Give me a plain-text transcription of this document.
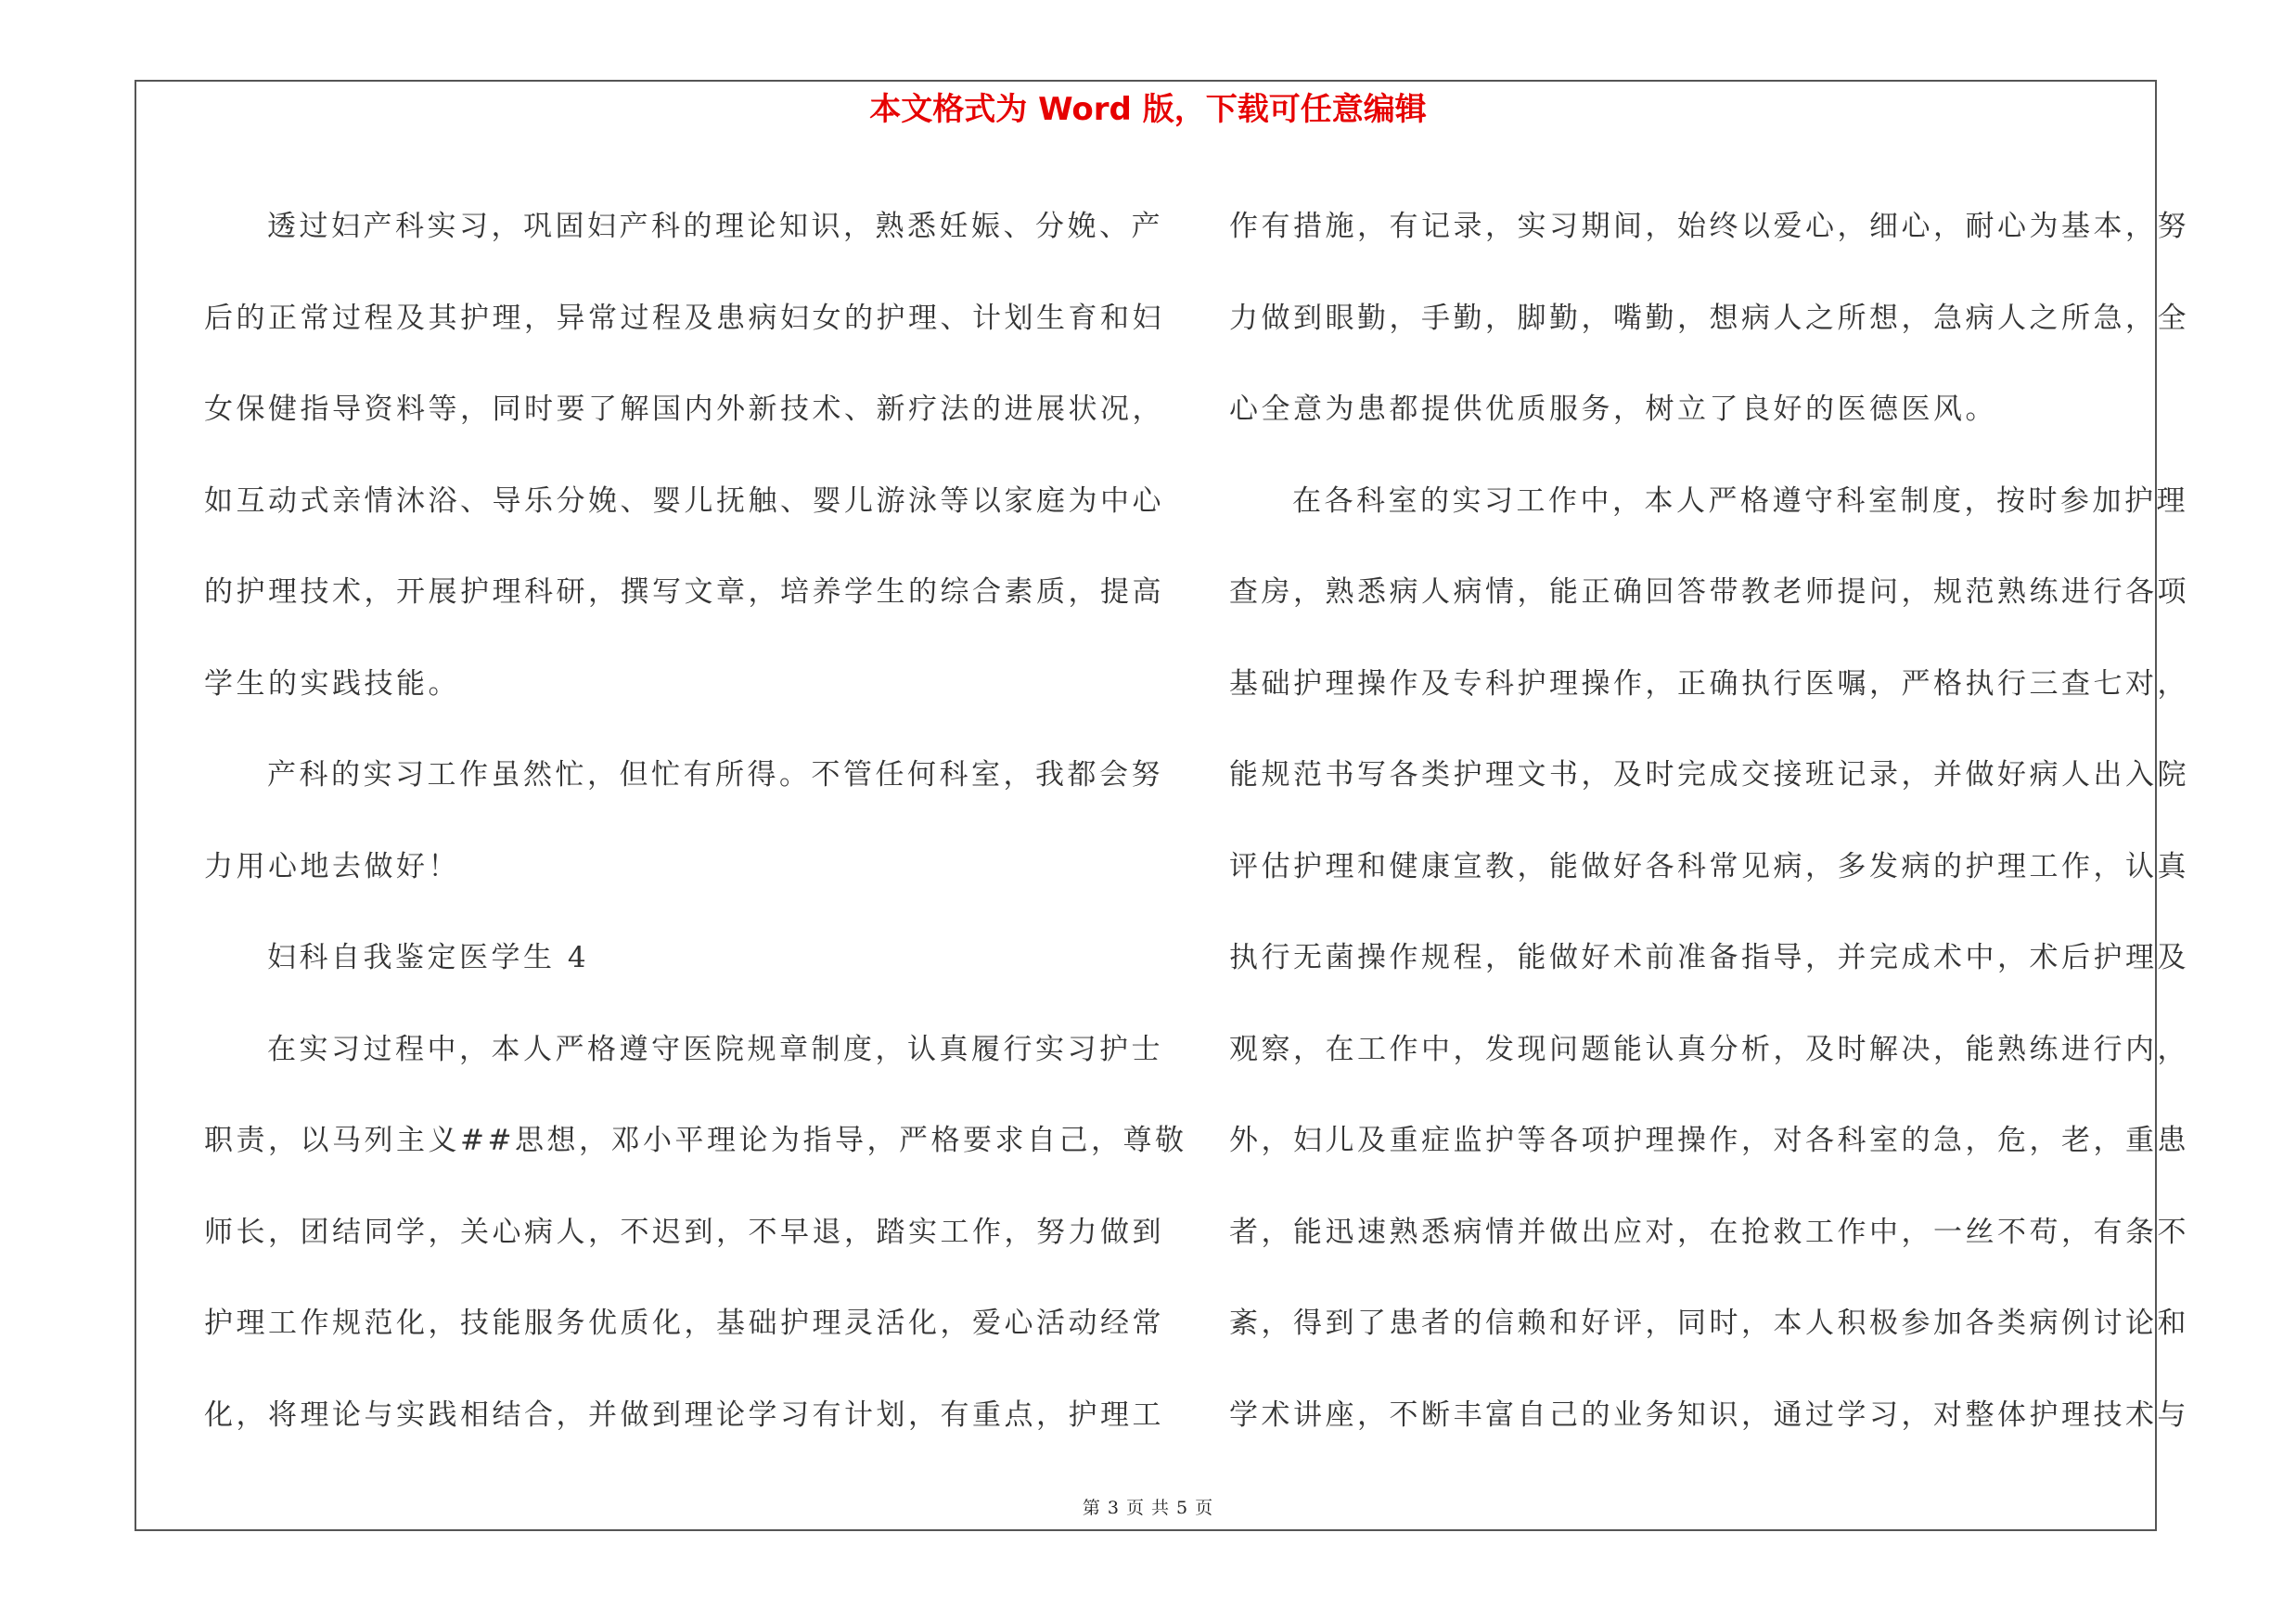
本文格式为 Word 版，下载可任意编辑
透过妇产科实习，巩固妇产科的理论知识，熟悉妊娠、分娩、产
后的正常过程及其护理，异常过程及患病妇女的护理、计划生育和妇
女保健指导资料等，同时要了解国内外新技术、新疗法的进展状况，
如互动式亲情沐浴、导乐分娩、婴儿抚触、婴儿游泳等以家庭为中心
的护理技术，开展护理科研，撰写文章，培养学生的综合素质，提高
学生的实践技能。
产科的实习工作虽然忙，但忙有所得。不管任何科室，我都会努
力用心地去做好！
妇科自我鉴定医学生 4
在实习过程中，本人严格遵守医院规章制度，认真履行实习护士
职责，以马列主义##思想，邓小平理论为指导，严格要求自己，尊敬
师长，团结同学，关心病人，不迟到，不早退，踏实工作，努力做到
护理工作规范化，技能服务优质化，基础护理灵活化，爱心活动经常
化，将理论与实践相结合，并做到理论学习有计划，有重点，护理工
作有措施，有记录，实习期间，始终以爱心，细心，耐心为基本，努
力做到眼勤，手勤，脚勤，嘴勤，想病人之所想，急病人之所急，全
心全意为患都提供优质服务，树立了良好的医德医风。
在各科室的实习工作中，本人严格遵守科室制度，按时参加护理
查房，熟悉病人病情，能正确回答带教老师提问，规范熟练进行各项
基础护理操作及专科护理操作，正确执行医嘱，严格执行三查七对，
能规范书写各类护理文书，及时完成交接班记录，并做好病人出入院
评估护理和健康宣教，能做好各科常见病，多发病的护理工作，认真
执行无菌操作规程，能做好术前准备指导，并完成术中，术后护理及
观察，在工作中，发现问题能认真分析，及时解决，能熟练进行内，
外，妇儿及重症监护等各项护理操作，对各科室的急，危，老，重患
者，能迅速熟悉病情并做出应对，在抢救工作中，一丝不苟，有条不
紊，得到了患者的信赖和好评，同时，本人积极参加各类病例讨论和
学术讲座，不断丰富自己的业务知识，通过学习，对整体护理技术与
第 3 页 共 5 页
